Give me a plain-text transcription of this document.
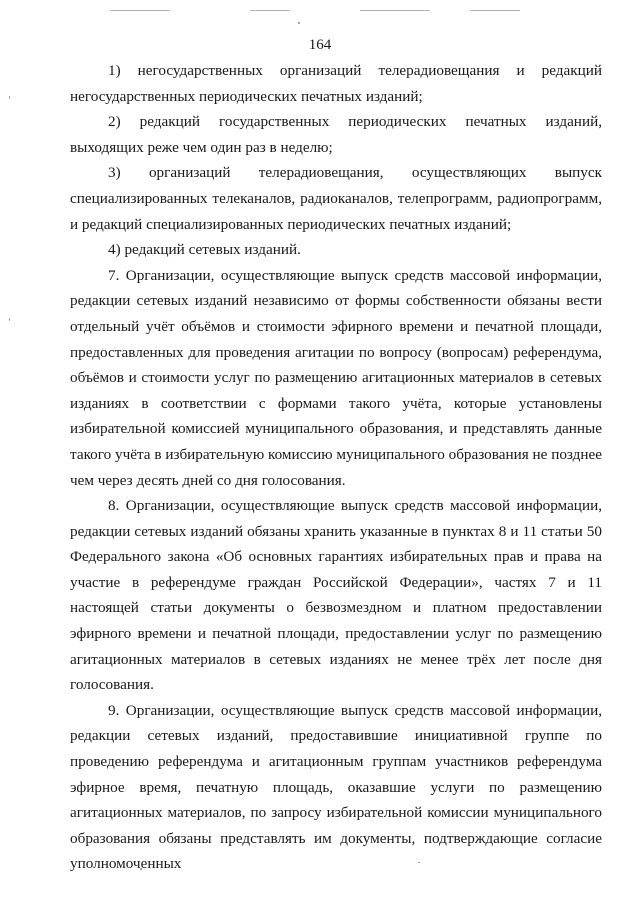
164

1) негосударственных организаций телерадиовещания и редакций негосударственных периодических печатных изданий;

2) редакций государственных периодических печатных изданий, выходящих реже чем один раз в неделю;

3) организаций телерадиовещания, осуществляющих выпуск специализированных телеканалов, радиоканалов, телепрограмм, радиопрограмм, и редакций специализированных периодических печатных изданий;

4) редакций сетевых изданий.

7. Организации, осуществляющие выпуск средств массовой информации, редакции сетевых изданий независимо от формы собственности обязаны вести отдельный учёт объёмов и стоимости эфирного времени и печатной площади, предоставленных для проведения агитации по вопросу (вопросам) референдума, объёмов и стоимости услуг по размещению агитационных материалов в сетевых изданиях в соответствии с формами такого учёта, которые установлены избирательной комиссией муниципального образования, и представлять данные такого учёта в избирательную комиссию муниципального образования не позднее чем через десять дней со дня голосования.

8. Организации, осуществляющие выпуск средств массовой информации, редакции сетевых изданий обязаны хранить указанные в пунктах 8 и 11 статьи 50 Федерального закона «Об основных гарантиях избирательных прав и права на участие в референдуме граждан Российской Федерации», частях 7 и 11 настоящей статьи документы о безвозмездном и платном предоставлении эфирного времени и печатной площади, предоставлении услуг по размещению агитационных материалов в сетевых изданиях не менее трёх лет после дня голосования.

9. Организации, осуществляющие выпуск средств массовой информации, редакции сетевых изданий, предоставившие инициативной группе по проведению референдума и агитационным группам участников референдума эфирное время, печатную площадь, оказавшие услуги по размещению агитационных материалов, по запросу избирательной комиссии муниципального образования обязаны представлять им документы, подтверждающие согласие уполномоченных
